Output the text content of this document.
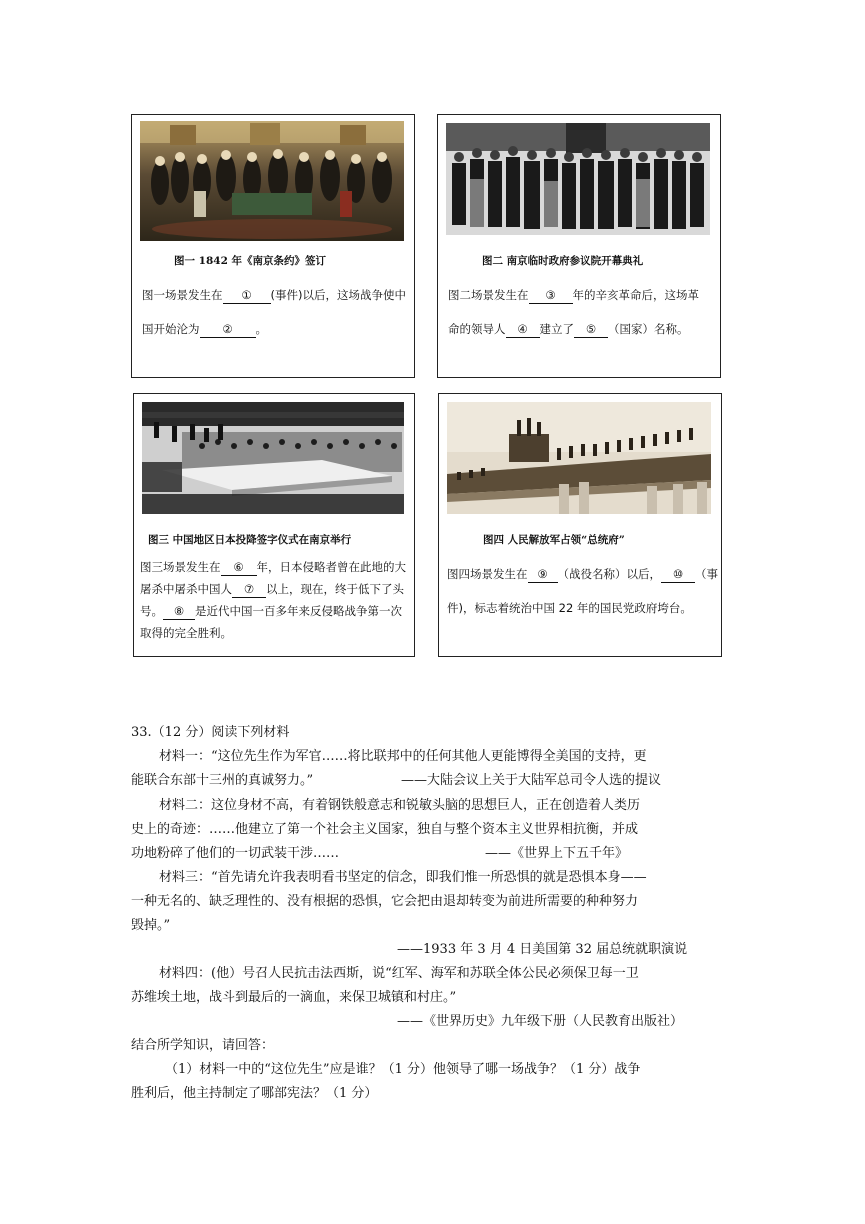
图一 1842 年《南京条约》签订
图一场景发生在 ① (事件)以后，这场战争使中
国开始沦为 ② 。
图二 南京临时政府参议院开幕典礼
图二场景发生在 ③ 年的辛亥革命后，这场革
命的领导人 ④ 建立了 ⑤ （国家）名称。
图三 中国地区日本投降签字仪式在南京举行
图三场景发生在 ⑥ 年，日本侵略者曾在此地的大
屠杀中屠杀中国人 ⑦ 以上，现在，终于低下了头
号。 ⑧ 是近代中国一百多年来反侵略战争第一次
取得的完全胜利。
图四 人民解放军占领“总统府”
图四场景发生在 ⑨ （战役名称）以后， ⑩ （事
件)，标志着统治中国 22 年的国民党政府垮台。
33.（12 分）阅读下列材料
材料一：“这位先生作为军官……将比联邦中的任何其他人更能博得全美国的支持，更
能联合东部十三州的真诚努力。”	——大陆会议上关于大陆军总司令人选的提议
材料二：这位身材不高，有着钢铁般意志和锐敏头脑的思想巨人，正在创造着人类历
史上的奇迹：……他建立了第一个社会主义国家，独自与整个资本主义世界相抗衡，并成
功地粉碎了他们的一切武装干涉……	——《世界上下五千年》
材料三：“首先请允许我表明看书坚定的信念，即我们惟一所恐惧的就是恐惧本身——
一种无名的、缺乏理性的、没有根据的恐惧，它会把由退却转变为前进所需要的种种努力
毁掉。”
——1933 年 3 月 4 日美国第 32 届总统就职演说
材料四：(他）号召人民抗击法西斯，说“红军、海军和苏联全体公民必须保卫每一卫
苏维埃土地，战斗到最后的一滴血，来保卫城镇和村庄。”
——《世界历史》九年级下册（人民教育出版社）
结合所学知识，请回答：
（1）材料一中的“这位先生”应是谁？（1 分）他领导了哪一场战争？（1 分）战争
胜利后，他主持制定了哪部宪法？（1 分）
